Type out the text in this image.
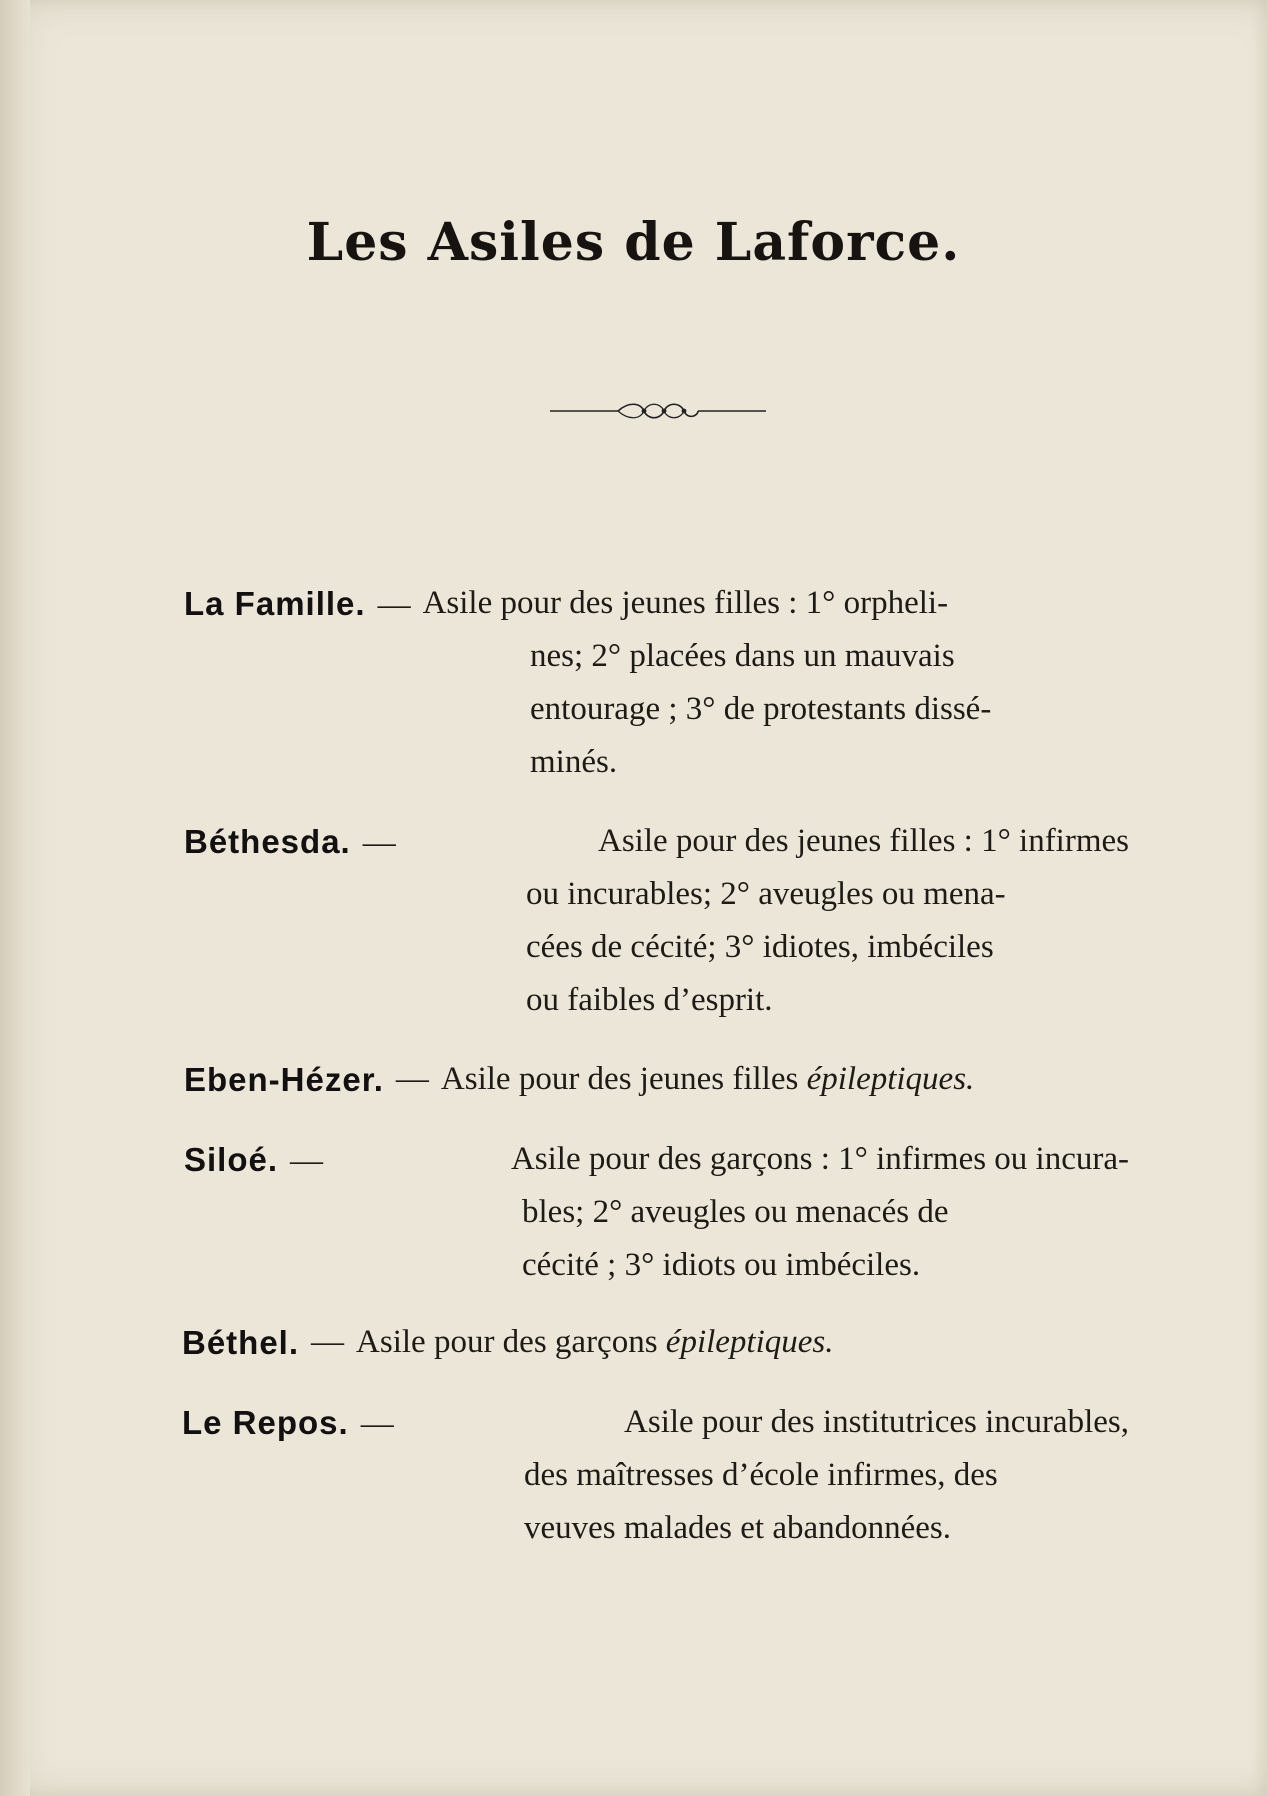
Les Asiles de Laforce.
La Famille. — Asile pour des jeunes filles : 1° orpheli-
nes; 2° placées dans un mauvais
entourage ; 3° de protestants dissé-
minés.
Béthesda. —	Asile pour des jeunes filles : 1° infirmes
ou incurables; 2° aveugles ou mena-
cées de cécité; 3° idiotes, imbéciles
ou faibles d’esprit.
Eben-Hézer. — Asile pour des jeunes filles épileptiques.
Siloé. —	Asile pour des garçons : 1° infirmes ou incura-
bles; 2° aveugles ou menacés de
cécité ; 3° idiots ou imbéciles.
Béthel. — Asile pour des garçons épileptiques.
Le Repos. —	Asile pour des institutrices incurables,
des maîtresses d’école infirmes, des
veuves malades et abandonnées.
